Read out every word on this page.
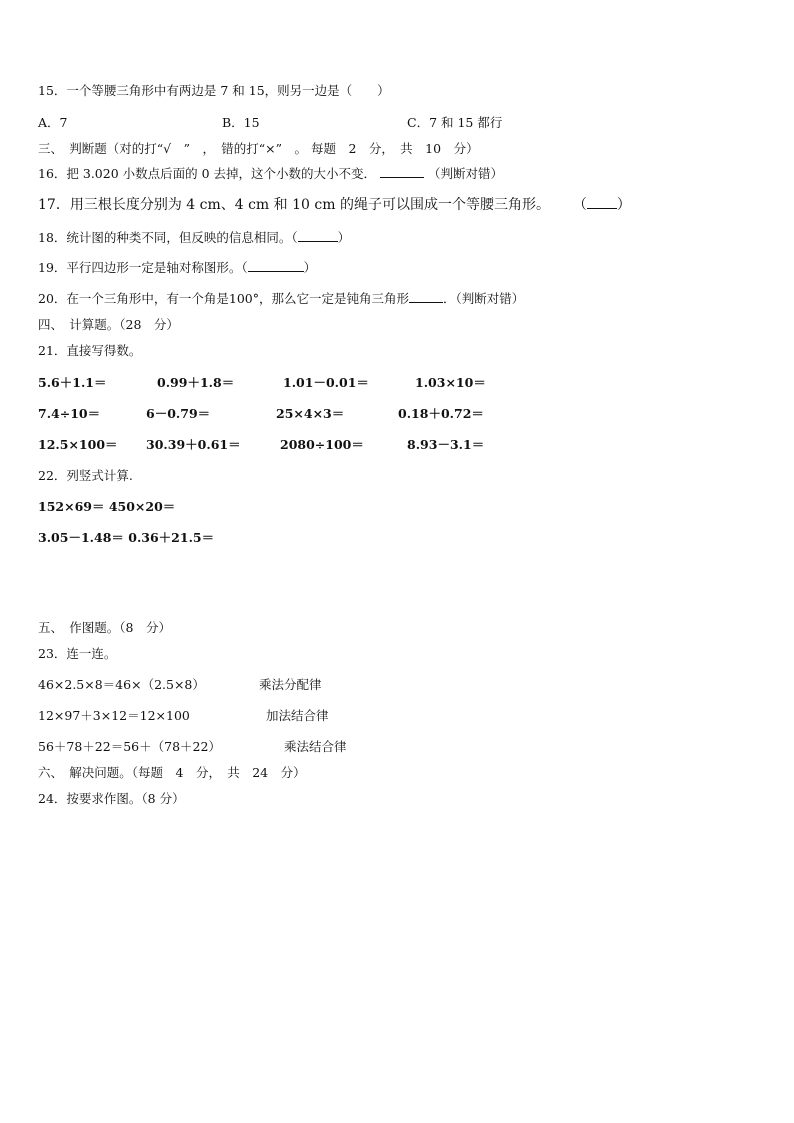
15．一个等腰三角形中有两边是 7 和 15，则另一边是（　　）
A．7	B．15	C．7 和 15 都行
三、　判断题（对的打“√　”　，　错的打“×”　。 每题　2　分，　共　10　分）
16．把 3.020 小数点后面的 0 去掉，这个小数的大小不变．	（判断对错）
17．用三根长度分别为 4 cm、4 cm 和 10 cm 的绳子可以围成一个等腰三角形。 （ ）
18．统计图的种类不同，但反映的信息相同。（	）
19．平行四边形一定是轴对称图形。（	）
20．在一个三角形中，有一个角是100°，那么它一定是钝角三角形	．（判断对错）
四、　计算题。（28　分）
21．直接写得数。
5.6＋1.1＝	0.99＋1.8＝	1.01－0.01＝	1.03×10＝
7.4÷10＝	6－0.79＝	25×4×3＝	0.18＋0.72＝
12.5×100＝ 30.39＋0.61＝	2080÷100＝	8.93－3.1＝
22．列竖式计算.
152×69＝ 450×20＝
3.05－1.48＝ 0.36＋21.5＝
五、　作图题。（8　分）
23．连一连。
46×2.5×8＝46×（2.5×8）	乘法分配律
12×97＋3×12＝12×100	加法结合律
56＋78＋22＝56＋（78＋22）	乘法结合律
六、　解决问题。（每题　4　分，　共　24　分）
24．按要求作图。（8 分）
